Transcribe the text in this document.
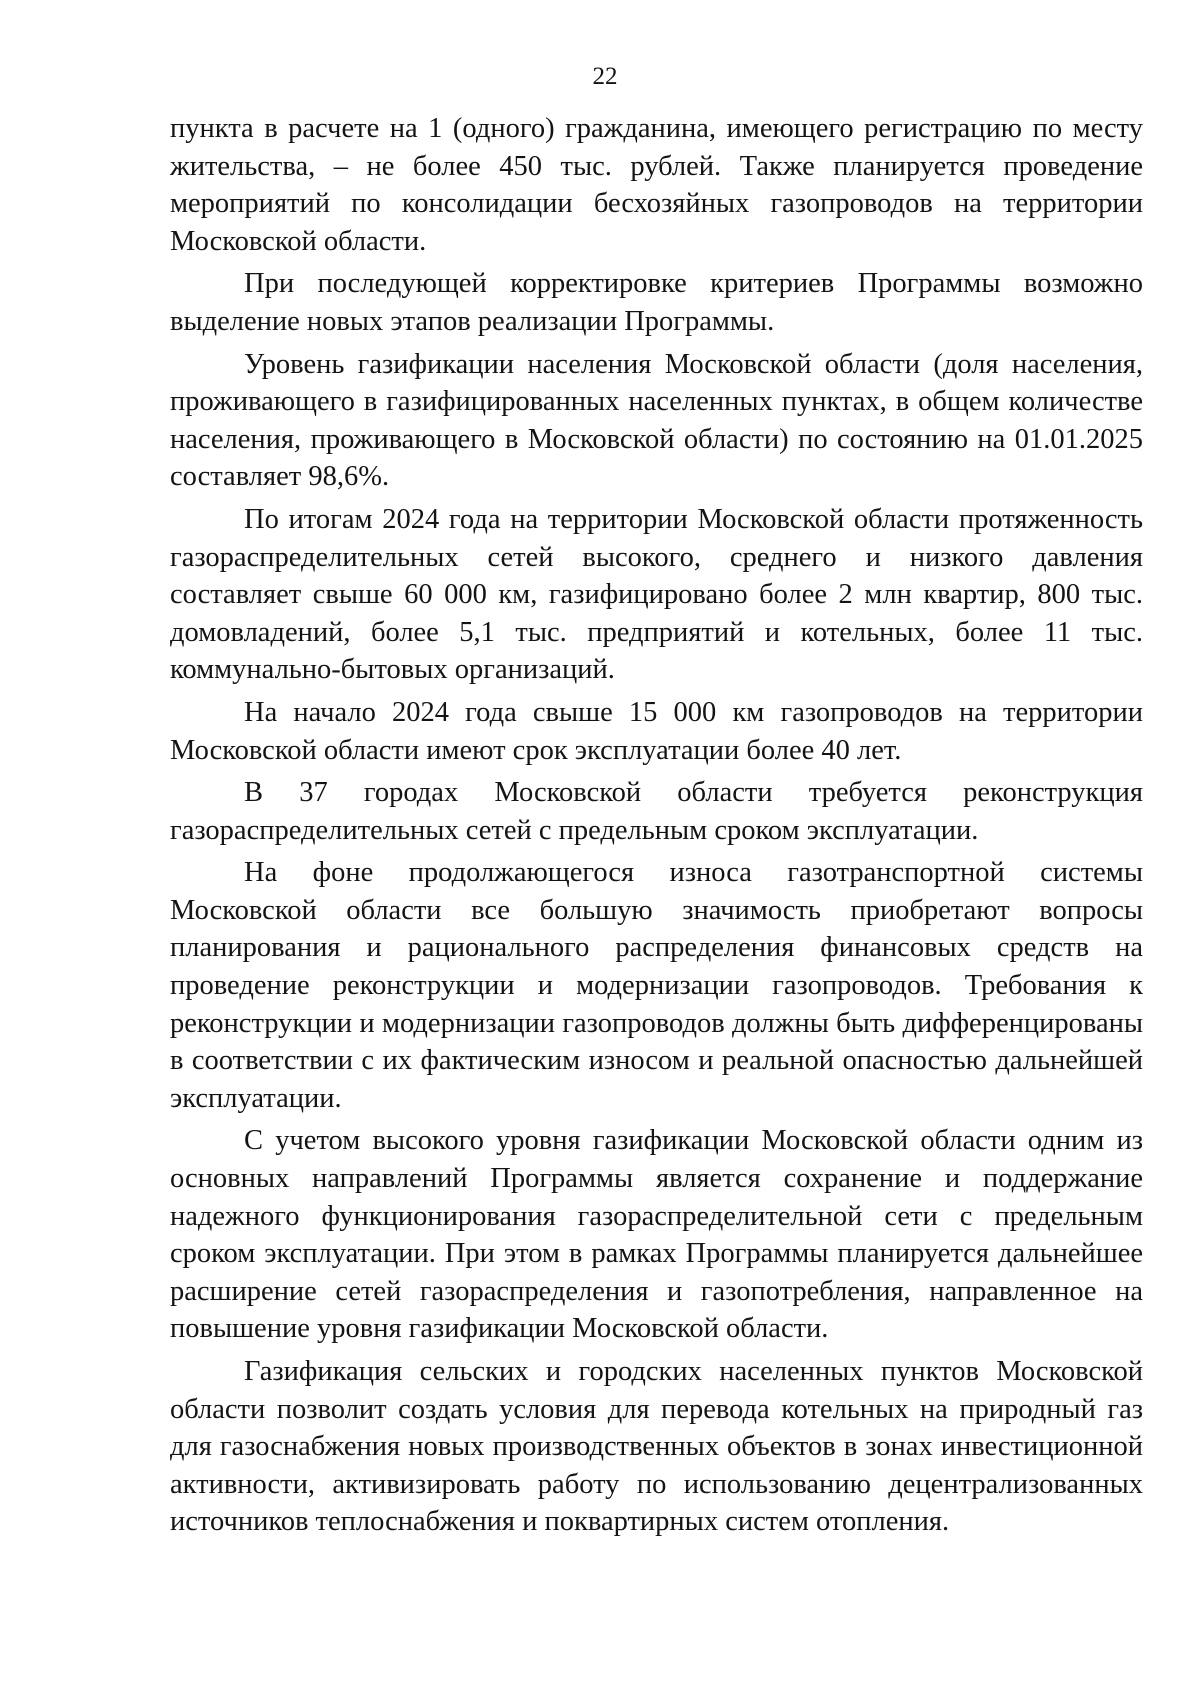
22

пункта в расчете на 1 (одного) гражданина, имеющего регистрацию по месту жительства, – не более 450 тыс. рублей. Также планируется проведение мероприятий по консолидации бесхозяйных газопроводов на территории Московской области.

При последующей корректировке критериев Программы возможно выделение новых этапов реализации Программы.

Уровень газификации населения Московской области (доля населения, проживающего в газифицированных населенных пунктах, в общем количестве населения, проживающего в Московской области) по состоянию на 01.01.2025 составляет 98,6%.

По итогам 2024 года на территории Московской области протяженность газораспределительных сетей высокого, среднего и низкого давления составляет свыше 60 000 км, газифицировано более 2 млн квартир, 800 тыс. домовладений, более 5,1 тыс. предприятий и котельных, более 11 тыс. коммунально-бытовых организаций.

На начало 2024 года свыше 15 000 км газопроводов на территории Московской области имеют срок эксплуатации более 40 лет.

В 37 городах Московской области требуется реконструкция газораспределительных сетей с предельным сроком эксплуатации.

На фоне продолжающегося износа газотранспортной системы Московской области все большую значимость приобретают вопросы планирования и рационального распределения финансовых средств на проведение реконструкции и модернизации газопроводов. Требования к реконструкции и модернизации газопроводов должны быть дифференцированы в соответствии с их фактическим износом и реальной опасностью дальнейшей эксплуатации.

С учетом высокого уровня газификации Московской области одним из основных направлений Программы является сохранение и поддержание надежного функционирования газораспределительной сети с предельным сроком эксплуатации. При этом в рамках Программы планируется дальнейшее расширение сетей газораспределения и газопотребления, направленное на повышение уровня газификации Московской области.

Газификация сельских и городских населенных пунктов Московской области позволит создать условия для перевода котельных на природный газ для газоснабжения новых производственных объектов в зонах инвестиционной активности, активизировать работу по использованию децентрализованных источников теплоснабжения и поквартирных систем отопления.
